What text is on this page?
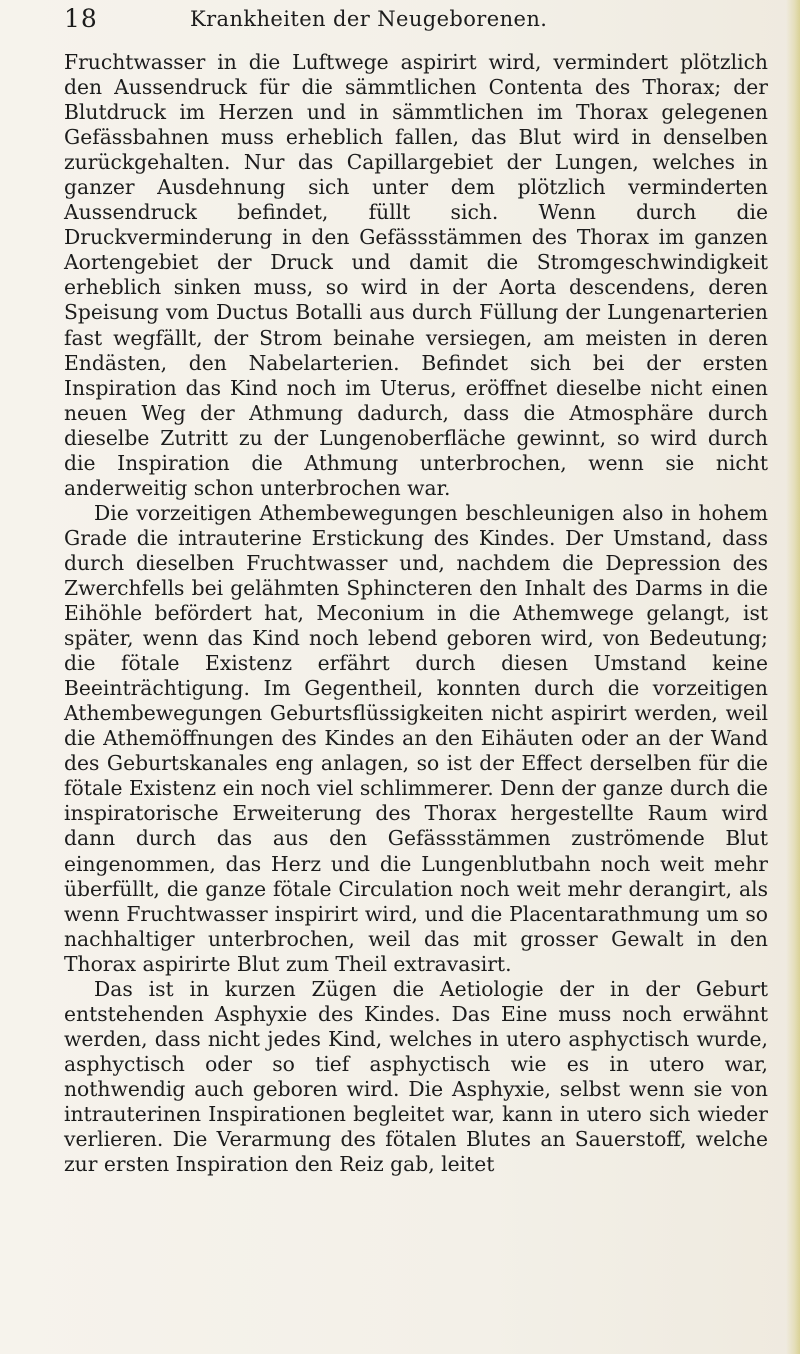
18	Krankheiten der Neugeborenen.

Fruchtwasser in die Luftwege aspirirt wird, vermindert plötzlich den Aussendruck für die sämmtlichen Contenta des Thorax; der Blutdruck im Herzen und in sämmtlichen im Thorax gelegenen Gefässbahnen muss erheblich fallen, das Blut wird in denselben zurückgehalten. Nur das Capillargebiet der Lungen, welches in ganzer Ausdehnung sich unter dem plötzlich verminderten Aussendruck befindet, füllt sich. Wenn durch die Druckverminderung in den Gefässstämmen des Thorax im ganzen Aortengebiet der Druck und damit die Stromgeschwindigkeit erheblich sinken muss, so wird in der Aorta descendens, deren Speisung vom Ductus Botalli aus durch Füllung der Lungenarterien fast wegfällt, der Strom beinahe versiegen, am meisten in deren Endästen, den Nabelarterien. Befindet sich bei der ersten Inspiration das Kind noch im Uterus, eröffnet dieselbe nicht einen neuen Weg der Athmung dadurch, dass die Atmosphäre durch dieselbe Zutritt zu der Lungenoberfläche gewinnt, so wird durch die Inspiration die Athmung unterbrochen, wenn sie nicht anderweitig schon unterbrochen war.

Die vorzeitigen Athembewegungen beschleunigen also in hohem Grade die intrauterine Erstickung des Kindes. Der Umstand, dass durch dieselben Fruchtwasser und, nachdem die Depression des Zwerchfells bei gelähmten Sphincteren den Inhalt des Darms in die Eihöhle befördert hat, Meconium in die Athemwege gelangt, ist später, wenn das Kind noch lebend geboren wird, von Bedeutung; die fötale Existenz erfährt durch diesen Umstand keine Beeinträchtigung. Im Gegentheil, konnten durch die vorzeitigen Athembewegungen Geburtsflüssigkeiten nicht aspirirt werden, weil die Athemöffnungen des Kindes an den Eihäuten oder an der Wand des Geburtskanales eng anlagen, so ist der Effect derselben für die fötale Existenz ein noch viel schlimmerer. Denn der ganze durch die inspiratorische Erweiterung des Thorax hergestellte Raum wird dann durch das aus den Gefässstämmen zuströmende Blut eingenommen, das Herz und die Lungenblutbahn noch weit mehr überfüllt, die ganze fötale Circulation noch weit mehr derangirt, als wenn Fruchtwasser inspirirt wird, und die Placentarathmung um so nachhaltiger unterbrochen, weil das mit grosser Gewalt in den Thorax aspirirte Blut zum Theil extravasirt.

Das ist in kurzen Zügen die Aetiologie der in der Geburt entstehenden Asphyxie des Kindes. Das Eine muss noch erwähnt werden, dass nicht jedes Kind, welches in utero asphyctisch wurde, asphyctisch oder so tief asphyctisch wie es in utero war, nothwendig auch geboren wird. Die Asphyxie, selbst wenn sie von intrauterinen Inspirationen begleitet war, kann in utero sich wieder verlieren. Die Verarmung des fötalen Blutes an Sauerstoff, welche zur ersten Inspiration den Reiz gab, leitet
